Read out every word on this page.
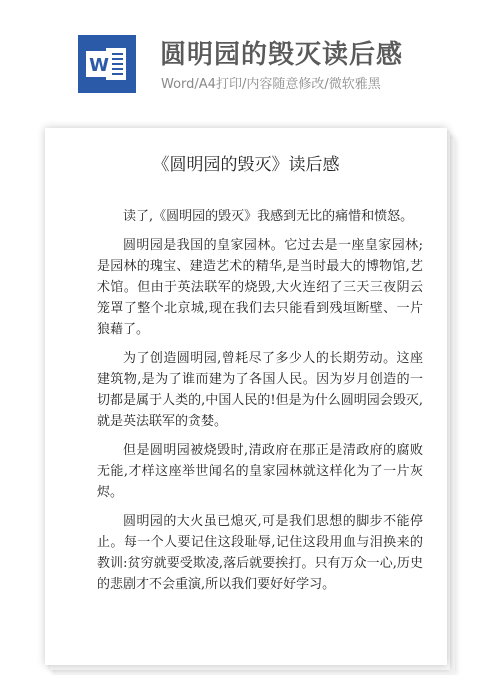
W 圆明园的毁灭读后感
Word/A4打印/内容随意修改/微软雅黑
《圆明园的毁灭》读后感

读了,《圆明园的毁灭》我感到无比的痛惜和愤怒。

圆明园是我国的皇家园林。它过去是一座皇家园林;是园林的瑰宝、建造艺术的精华,是当时最大的博物馆,艺术馆。但由于英法联军的烧毁,大火连绍了三天三夜阴云笼罩了整个北京城,现在我们去只能看到残垣断壁、一片狼藉了。

为了创造圆明园,曾耗尽了多少人的长期劳动。这座建筑物,是为了谁而建为了各国人民。因为岁月创造的一切都是属于人类的,中国人民的!但是为什么圆明园会毁灭,就是英法联军的贪婪。

但是圆明园被烧毁时,清政府在那正是清政府的腐败无能,才样这座举世闻名的皇家园林就这样化为了一片灰烬。

圆明园的大火虽已熄灭,可是我们思想的脚步不能停止。每一个人要记住这段耻辱,记住这段用血与泪换来的教训:贫穷就要受欺凌,落后就要挨打。只有万众一心,历史的悲剧才不会重演,所以我们要好好学习。
